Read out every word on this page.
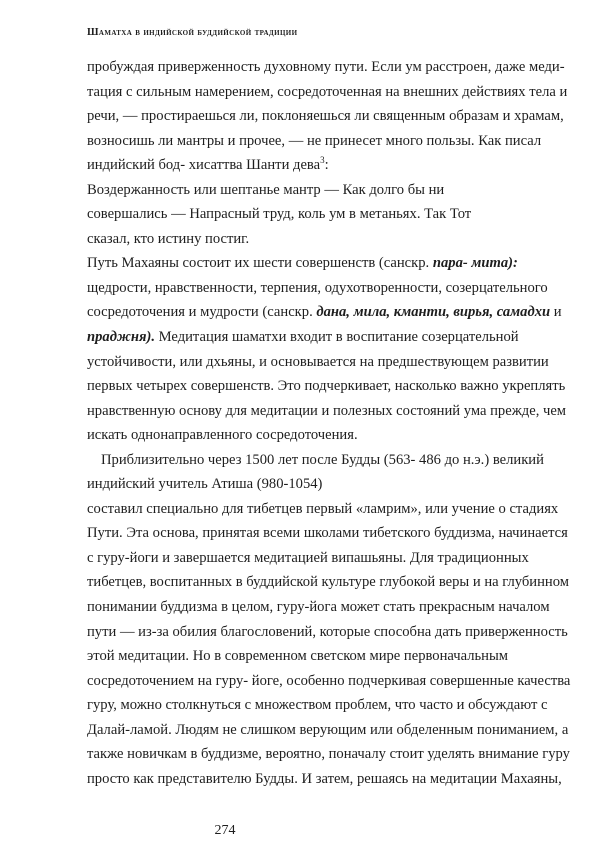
Шаматха в индийской буддийской традиции
пробуждая приверженность духовному пути. Если ум расстроен, даже меди-
тация с сильным намерением, сосредоточенная на внешних действиях тела и
речи, — простираешься ли, поклоняешься ли священным образам и храмам,
возносишь ли мантры и прочее, — не принесет много пользы. Как писал
индийский бод- хисаттва Шанти дева$^3$:
Воздержанность или шептанье мантр — Как долго бы ни
совершались — Напрасный труд, коль ум в метаньях. Так Тот
сказал, кто истину постиг.
Путь Махаяны состоит их шести совершенств (санскр. пара- мита):
щедрости, нравственности, терпения, одухотворенности, созерцательного
сосредоточения и мудрости (санскр. дана, мила, кманти, вирья, самадхи и
праджня). Медитация шаматхи входит в воспитание созерцательной
устойчивости, или дхьяны, и основывается на предшествующем развитии
первых четырех совершенств. Это подчеркивает, насколько важно укреплять
нравственную основу для медитации и полезных состояний ума прежде, чем
искать однонаправленного сосредоточения.
Приблизительно через 1500 лет после Будды (563- 486 до н.э.) великий
индийский учитель Атиша (980-1054)
составил специально для тибетцев первый «ламрим», или учение о стадиях
Пути. Эта основа, принятая всеми школами тибетского буддизма, начинается
с гуру-йоги и завершается медитацией випашьяны. Для традиционных
тибетцев, воспитанных в буддийской культуре глубокой веры и на глубинном
понимании буддизма в целом, гуру-йога может стать прекрасным началом
пути — из-за обилия благословений, которые способна дать приверженность
этой медитации. Но в современном светском мире первоначальным
сосредоточением на гуру- йоге, особенно подчеркивая совершенные качества
гуру, можно столкнуться с множеством проблем, что часто и обсуждают с
Далай-ламой. Людям не слишком верующим или обделенным пониманием, а
также новичкам в буддизме, вероятно, поначалу стоит уделять внимание гуру
просто как представителю Будды. И затем, решаясь на медитации Махаяны,
274
